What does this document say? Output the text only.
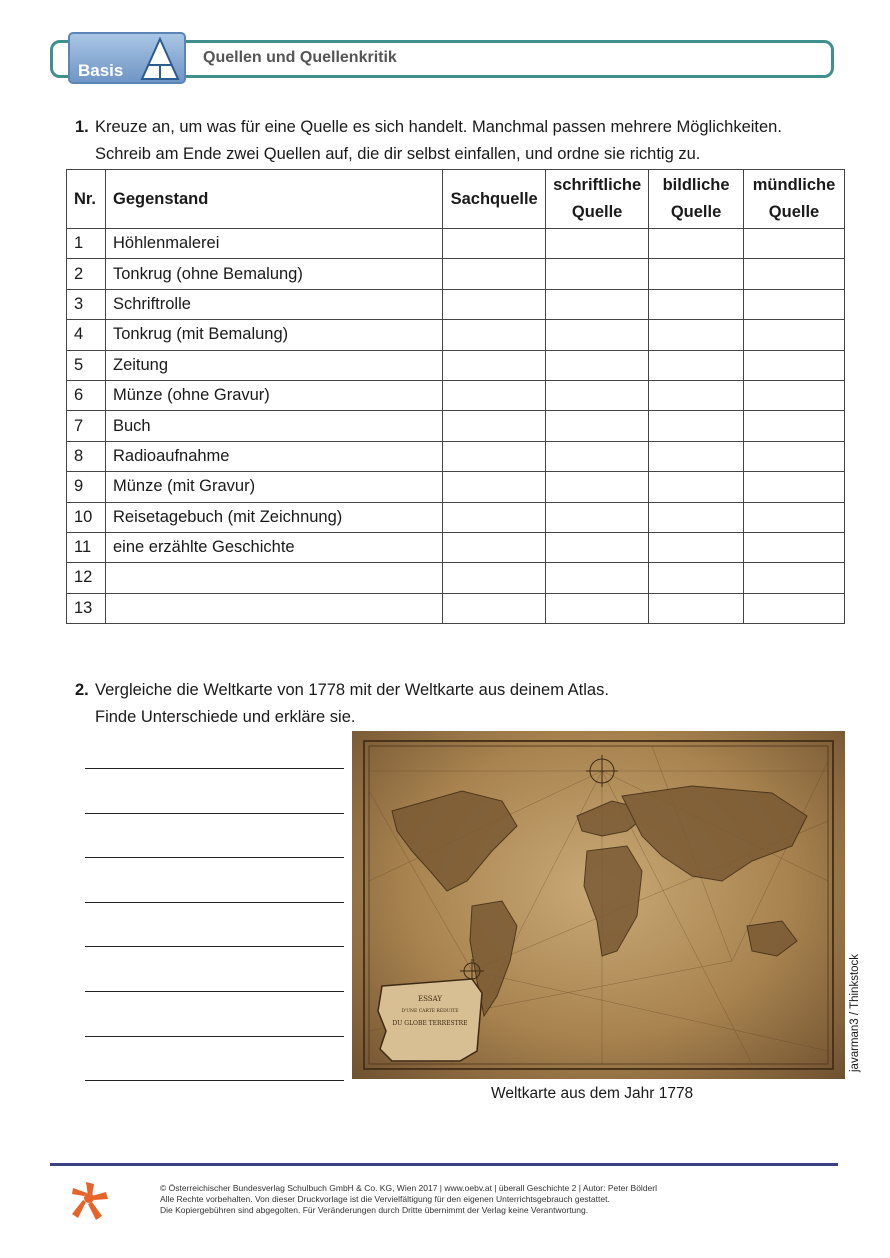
Basis
Quellen und Quellenkritik
1. Kreuze an, um was für eine Quelle es sich handelt. Manchmal passen mehrere Möglichkeiten.
Schreib am Ende zwei Quellen auf, die dir selbst einfallen, und ordne sie richtig zu.
Nr.	Gegenstand	Sachquelle	schriftliche Quelle	bildliche Quelle	mündliche Quelle
1	Höhlenmalerei				
2	Tonkrug (ohne Bemalung)				
3	Schriftrolle				
4	Tonkrug (mit Bemalung)				
5	Zeitung				
6	Münze (ohne Gravur)				
7	Buch				
8	Radioaufnahme				
9	Münze (mit Gravur)				
10	Reisetagebuch (mit Zeichnung)				
11	eine erzählte Geschichte				
12					
13					
2. Vergleiche die Weltkarte von 1778 mit der Weltkarte aus deinem Atlas.
Finde Unterschiede und erkläre sie.
ESSAY
D'UNE CARTE RÉDUITE
DU GLOBE TERRESTRE
Weltkarte aus dem Jahr 1778
javarman3 / Thinkstock
© Österreichischer Bundesverlag Schulbuch GmbH & Co. KG, Wien 2017 | www.oebv.at | überall Geschichte 2 | Autor: Peter Bölderl
Alle Rechte vorbehalten. Von dieser Druckvorlage ist die Vervielfältigung für den eigenen Unterrichtsgebrauch gestattet.
Die Kopiergebühren sind abgegolten. Für Veränderungen durch Dritte übernimmt der Verlag keine Verantwortung.
